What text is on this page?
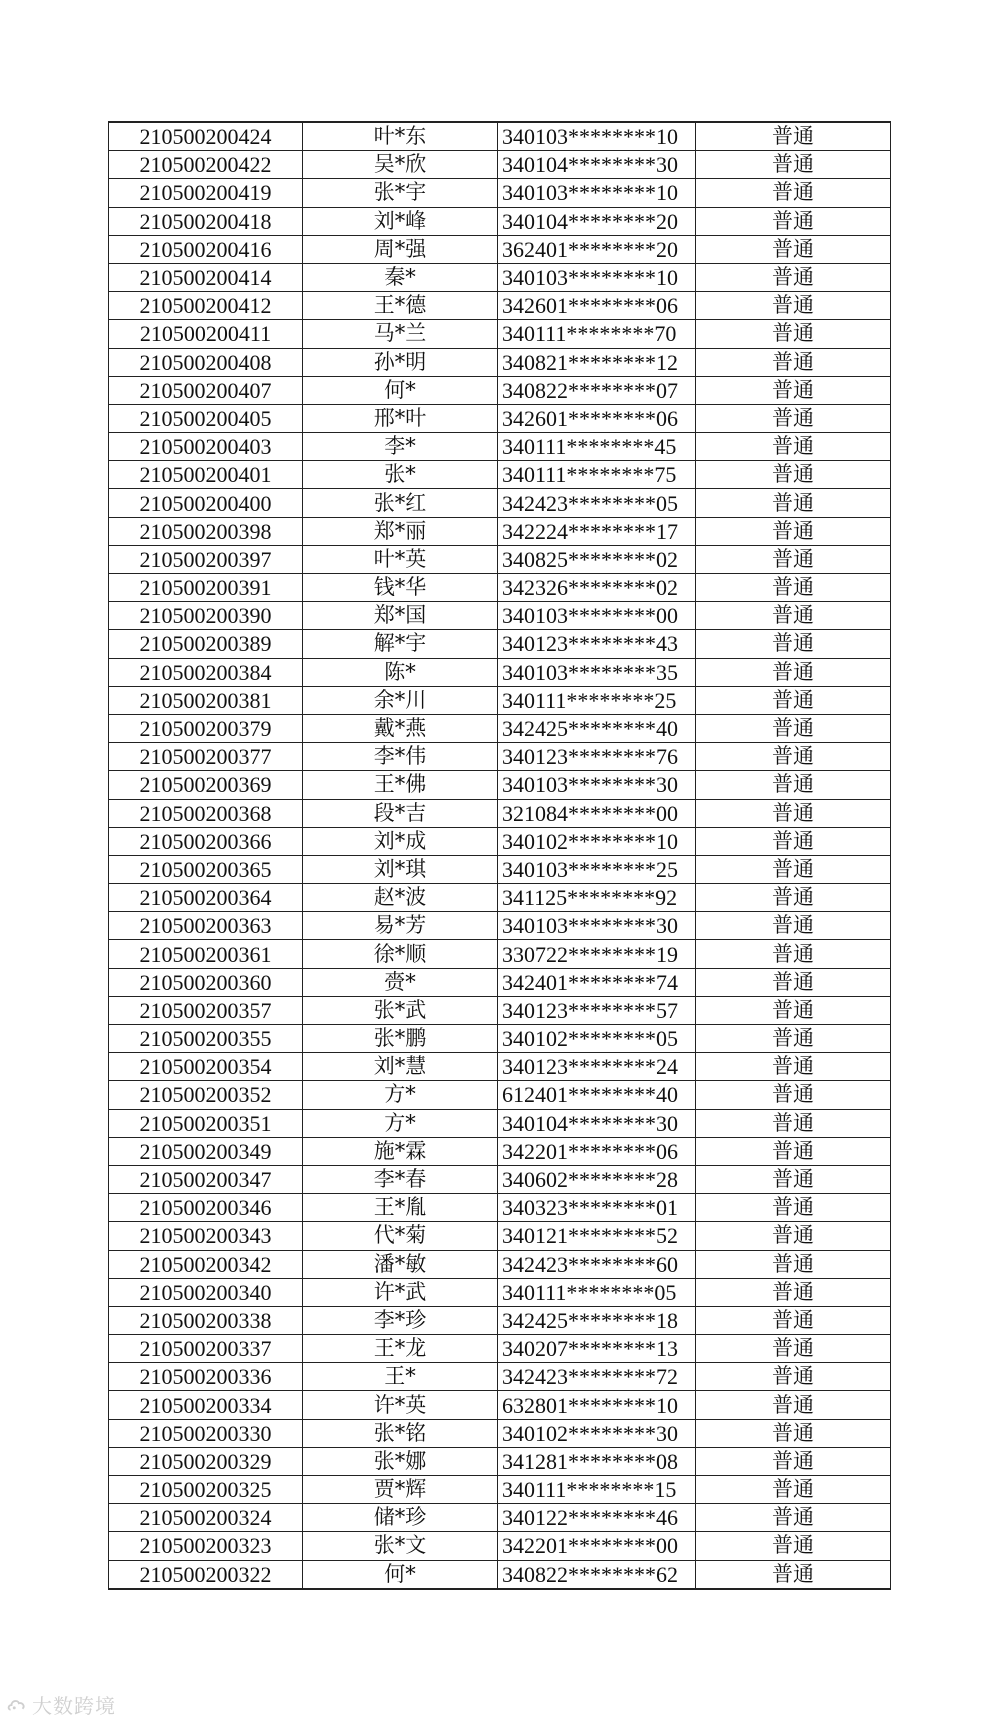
210500200424	叶*东	340103********10	普通
210500200422	吴*欣	340104********30	普通
210500200419	张*宇	340103********10	普通
210500200418	刘*峰	340104********20	普通
210500200416	周*强	362401********20	普通
210500200414	秦*	340103********10	普通
210500200412	王*德	342601********06	普通
210500200411	马*兰	340111********70	普通
210500200408	孙*明	340821********12	普通
210500200407	何*	340822********07	普通
210500200405	邢*叶	342601********06	普通
210500200403	李*	340111********45	普通
210500200401	张*	340111********75	普通
210500200400	张*红	342423********05	普通
210500200398	郑*丽	342224********17	普通
210500200397	叶*英	340825********02	普通
210500200391	钱*华	342326********02	普通
210500200390	郑*国	340103********00	普通
210500200389	解*宇	340123********43	普通
210500200384	陈*	340103********35	普通
210500200381	余*川	340111********25	普通
210500200379	戴*燕	342425********40	普通
210500200377	李*伟	340123********76	普通
210500200369	王*佛	340103********30	普通
210500200368	段*吉	321084********00	普通
210500200366	刘*成	340102********10	普通
210500200365	刘*琪	340103********25	普通
210500200364	赵*波	341125********92	普通
210500200363	易*芳	340103********30	普通
210500200361	徐*顺	330722********19	普通
210500200360	赍*	342401********74	普通
210500200357	张*武	340123********57	普通
210500200355	张*鹏	340102********05	普通
210500200354	刘*慧	340123********24	普通
210500200352	方*	612401********40	普通
210500200351	方*	340104********30	普通
210500200349	施*霖	342201********06	普通
210500200347	李*春	340602********28	普通
210500200346	王*胤	340323********01	普通
210500200343	代*菊	340121********52	普通
210500200342	潘*敏	342423********60	普通
210500200340	许*武	340111********05	普通
210500200338	李*珍	342425********18	普通
210500200337	王*龙	340207********13	普通
210500200336	王*	342423********72	普通
210500200334	许*英	632801********10	普通
210500200330	张*铭	340102********30	普通
210500200329	张*娜	341281********08	普通
210500200325	贾*辉	340111********15	普通
210500200324	储*珍	340122********46	普通
210500200323	张*文	342201********00	普通
210500200322	何*	340822********62	普通
大数跨境
